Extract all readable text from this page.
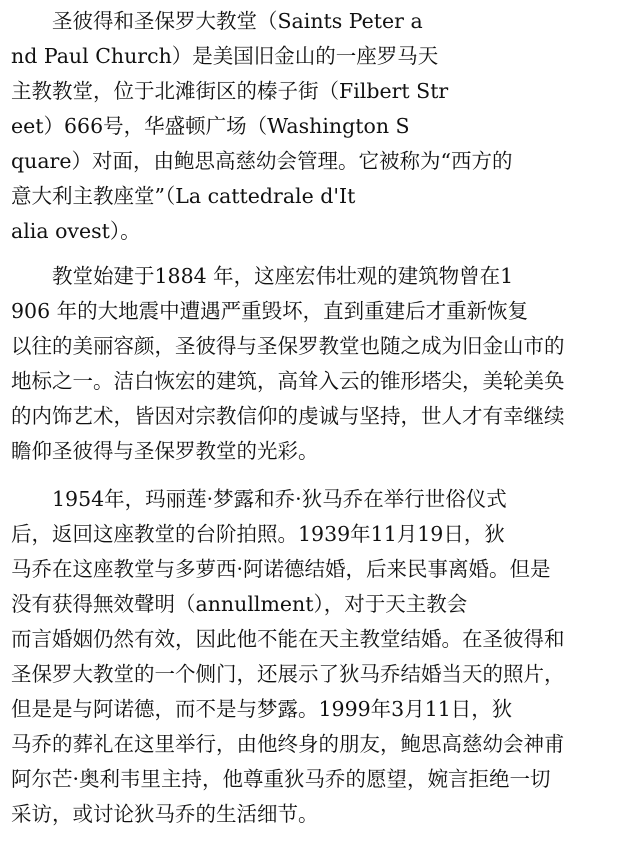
　　圣彼得和圣保罗大教堂（Saints Peter a
nd Paul Church）是美国旧金山的一座罗马天
主教教堂，位于北滩街区的榛子街（Filbert Str
eet）666号，华盛顿广场（Washington S
quare）对面，由鲍思高慈幼会管理。它被称为“西方的
意大利主教座堂”（La cattedrale d'It
alia ovest）。
　　教堂始建于1884 年，这座宏伟壮观的建筑物曾在1
906 年的大地震中遭遇严重毁坏，直到重建后才重新恢复
以往的美丽容颜，圣彼得与圣保罗教堂也随之成为旧金山市的
地标之一。洁白恢宏的建筑，高耸入云的锥形塔尖，美轮美奂
的内饰艺术，皆因对宗教信仰的虔诚与坚持，世人才有幸继续
瞻仰圣彼得与圣保罗教堂的光彩。
　　1954年，玛丽莲·梦露和乔·狄马乔在举行世俗仪式
后，返回这座教堂的台阶拍照。1939年11月19日，狄
马乔在这座教堂与多萝西·阿诺德结婚，后来民事离婚。但是
没有获得無效聲明（annullment），对于天主教会
而言婚姻仍然有效，因此他不能在天主教堂结婚。在圣彼得和
圣保罗大教堂的一个侧门，还展示了狄马乔结婚当天的照片，
但是是与阿诺德，而不是与梦露。1999年3月11日，狄
马乔的葬礼在这里举行，由他终身的朋友，鲍思高慈幼会神甫
阿尔芒·奥利韦里主持，他尊重狄马乔的愿望，婉言拒绝一切
采访，或讨论狄马乔的生活细节。
